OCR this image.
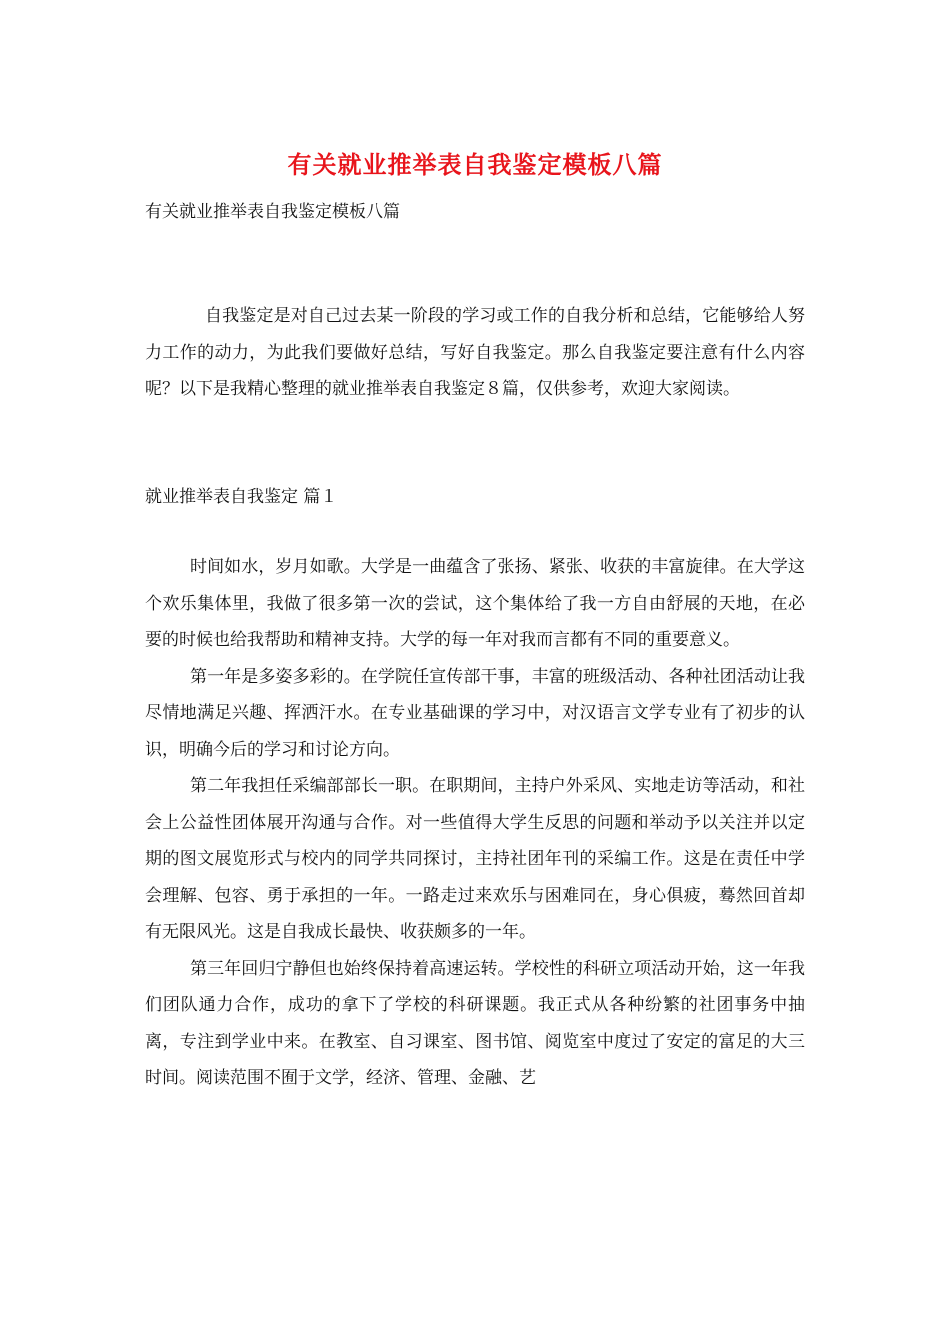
有关就业推举表自我鉴定模板八篇
有关就业推举表自我鉴定模板八篇

自我鉴定是对自己过去某一阶段的学习或工作的自我分析和总结，它能够给人努力工作的动力，为此我们要做好总结，写好自我鉴定。那么自我鉴定要注意有什么内容呢？以下是我精心整理的就业推举表自我鉴定８篇，仅供参考，欢迎大家阅读。

就业推举表自我鉴定 篇１

时间如水，岁月如歌。大学是一曲蕴含了张扬、紧张、收获的丰富旋律。在大学这个欢乐集体里，我做了很多第一次的尝试，这个集体给了我一方自由舒展的天地，在必要的时候也给我帮助和精神支持。大学的每一年对我而言都有不同的重要意义。

第一年是多姿多彩的。在学院任宣传部干事，丰富的班级活动、各种社团活动让我尽情地满足兴趣、挥洒汗水。在专业基础课的学习中，对汉语言文学专业有了初步的认识，明确今后的学习和讨论方向。

第二年我担任采编部部长一职。在职期间，主持户外采风、实地走访等活动，和社会上公益性团体展开沟通与合作。对一些值得大学生反思的问题和举动予以关注并以定期的图文展览形式与校内的同学共同探讨，主持社团年刊的采编工作。这是在责任中学会理解、包容、勇于承担的一年。一路走过来欢乐与困难同在，身心俱疲，蓦然回首却有无限风光。这是自我成长最快、收获颇多的一年。

第三年回归宁静但也始终保持着高速运转。学校性的科研立项活动开始，这一年我们团队通力合作，成功的拿下了学校的科研课题。我正式从各种纷繁的社团事务中抽离，专注到学业中来。在教室、自习课室、图书馆、阅览室中度过了安定的富足的大三时间。阅读范围不囿于文学，经济、管理、金融、艺
